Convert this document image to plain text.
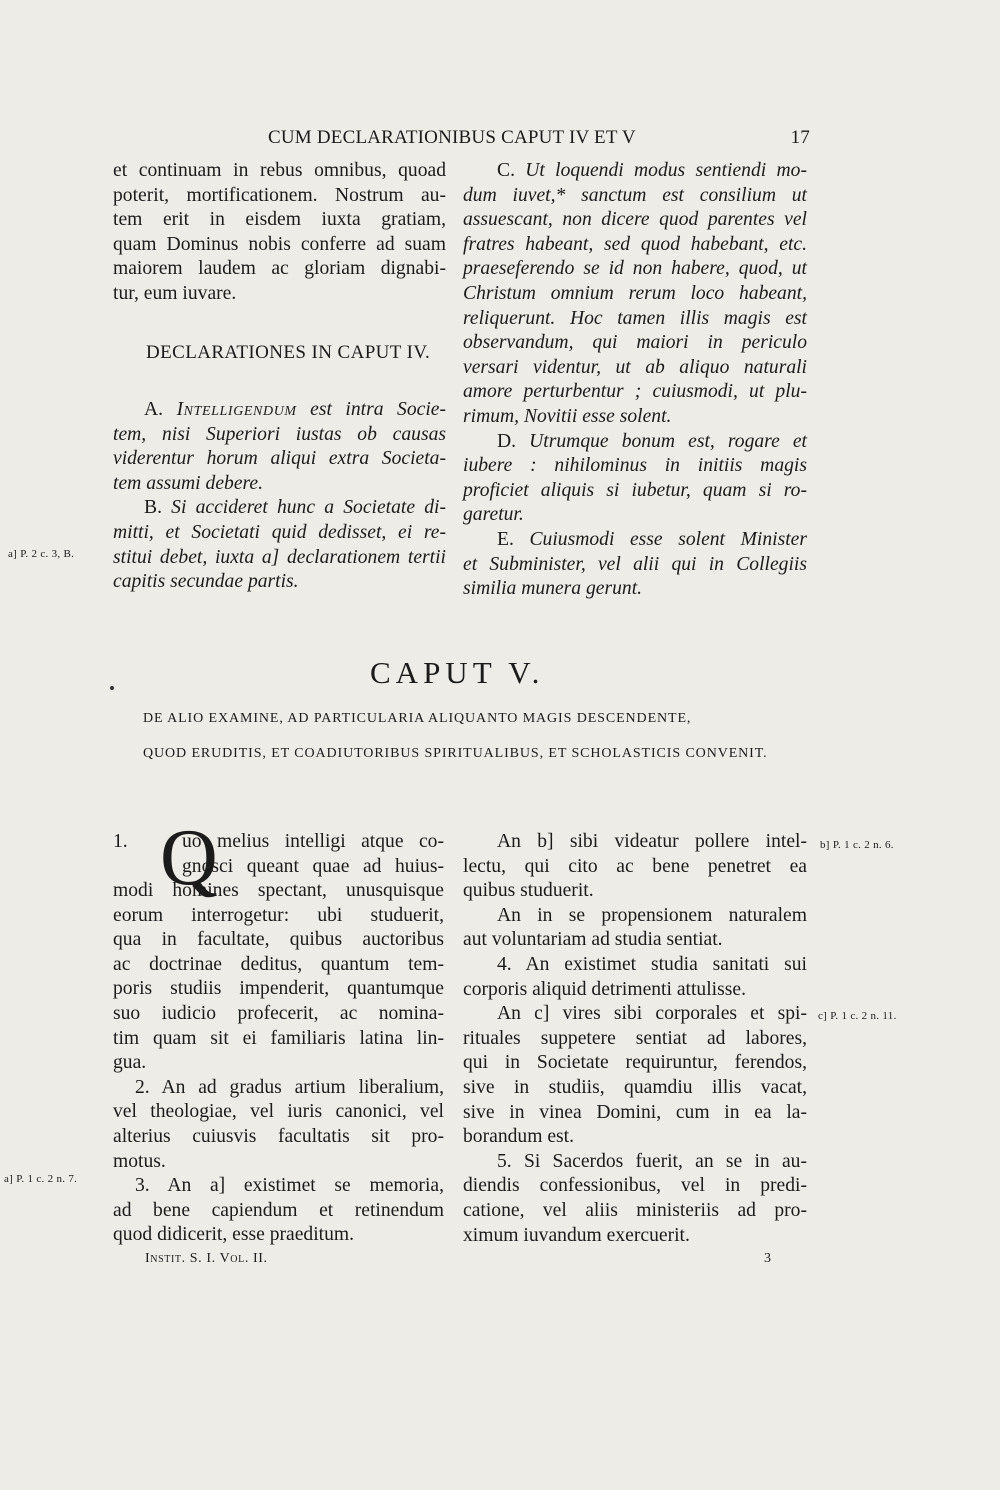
CUM DECLARATIONIBUS CAPUT IV ET V	17
et continuam in rebus omnibus, quoad
poterit, mortificationem. Nostrum au-
tem erit in eisdem iuxta gratiam,
quam Dominus nobis conferre ad suam
maiorem laudem ac gloriam dignabi-
tur, eum iuvare.
DECLARATIONES IN CAPUT IV.
A. Intelligendum est intra Socie-
tem, nisi Superiori iustas ob causas
viderentur horum aliqui extra Societa-
tem assumi debere.
B. Si accideret hunc a Societate di-
mitti, et Societati quid dedisset, ei re-
stitui debet, iuxta a] declarationem tertii
capitis secundae partis.
C. Ut loquendi modus sentiendi mo-
dum iuvet,* sanctum est consilium ut
assuescant, non dicere quod parentes vel
fratres habeant, sed quod habebant, etc.
praeseferendo se id non habere, quod, ut
Christum omnium rerum loco habeant,
reliquerunt. Hoc tamen illis magis est
observandum, qui maiori in periculo
versari videntur, ut ab aliquo naturali
amore perturbentur ; cuiusmodi, ut plu-
rimum, Novitii esse solent.
D. Utrumque bonum est, rogare et
iubere : nihilominus in initiis magis
proficiet aliquis si iubetur, quam si ro-
garetur.
E. Cuiusmodi esse solent Minister
et Subminister, vel alii qui in Collegiis
similia munera gerunt.
a] P. 2 c. 3, B.
a] P. 1 c. 2 n. 7.
b] P. 1 c. 2 n. 6.
c] P. 1 c. 2 n. 11.
CAPUT V.
DE ALIO EXAMINE, AD PARTICULARIA ALIQUANTO MAGIS DESCENDENTE,
QUOD ERUDITIS, ET COADIUTORIBUS SPIRITUALIBUS, ET SCHOLASTICIS CONVENIT.
1. Q
uo melius intelligi atque co-
gnosci queant quae ad huius-
modi homines spectant, unusquisque
eorum interrogetur: ubi studuerit,
qua in facultate, quibus auctoribus
ac doctrinae deditus, quantum tem-
poris studiis impenderit, quantumque
suo iudicio profecerit, ac nomina-
tim quam sit ei familiaris latina lin-
gua.
2. An ad gradus artium liberalium,
vel theologiae, vel iuris canonici, vel
alterius cuiusvis facultatis sit pro-
motus.
3. An a] existimet se memoria,
ad bene capiendum et retinendum
quod didicerit, esse praeditum.
An b] sibi videatur pollere intel-
lectu, qui cito ac bene penetret ea
quibus studuerit.
An in se propensionem naturalem
aut voluntariam ad studia sentiat.
4. An existimet studia sanitati sui
corporis aliquid detrimenti attulisse.
An c] vires sibi corporales et spi-
rituales suppetere sentiat ad labores,
qui in Societate requiruntur, ferendos,
sive in studiis, quamdiu illis vacat,
sive in vinea Domini, cum in ea la-
borandum est.
5. Si Sacerdos fuerit, an se in au-
diendis confessionibus, vel in predi-
catione, vel aliis ministeriis ad pro-
ximum iuvandum exercuerit.
Instit. S. I. Vol. II.	3
